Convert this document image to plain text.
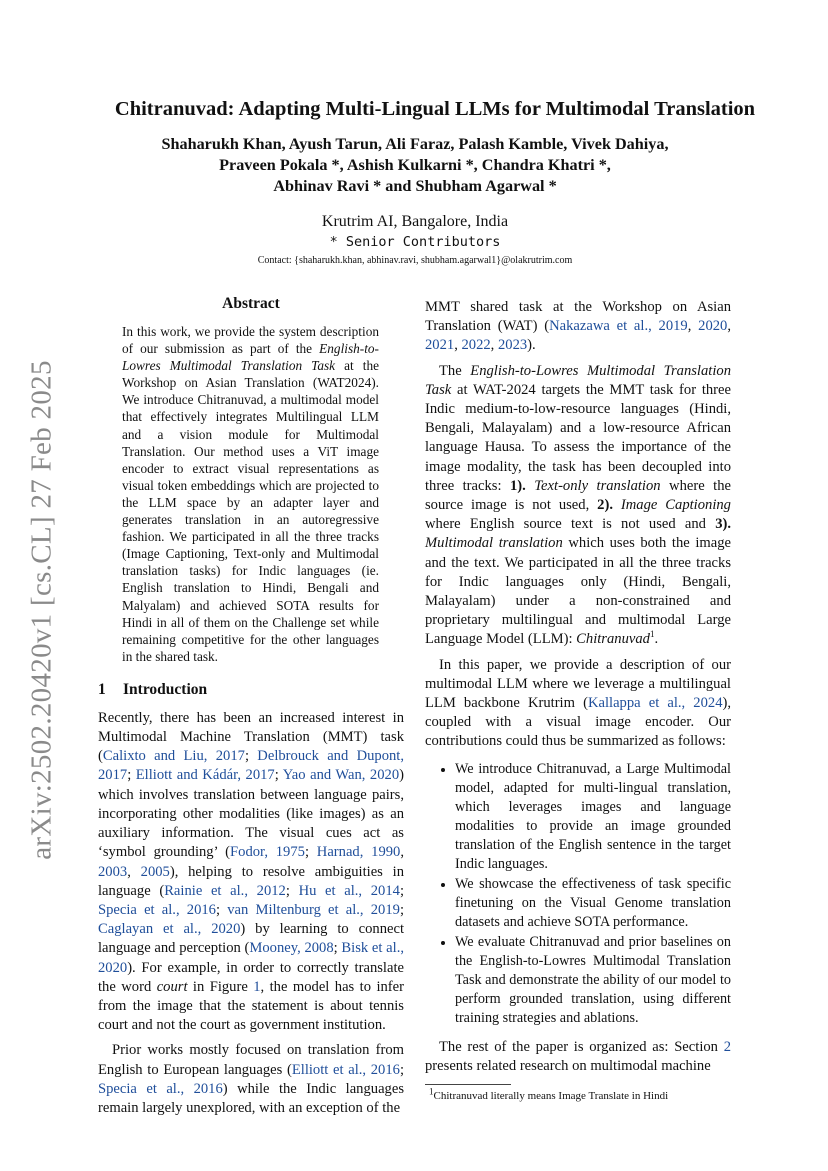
arXiv:2502.20420v1 [cs.CL] 27 Feb 2025
Chitranuvad: Adapting Multi-Lingual LLMs for Multimodal Translation
Shaharukh Khan, Ayush Tarun, Ali Faraz, Palash Kamble, Vivek Dahiya,
Praveen Pokala *, Ashish Kulkarni *, Chandra Khatri *,
Abhinav Ravi * and Shubham Agarwal *
Krutrim AI, Bangalore, India
* Senior Contributors
Contact: {shaharukh.khan, abhinav.ravi, shubham.agarwal1}@olakrutrim.com
Abstract

In this work, we provide the system description of our submission as part of the English-to-Lowres Multimodal Translation Task at the Workshop on Asian Translation (WAT2024). We introduce Chitranuvad, a multimodal model that effectively integrates Multilingual LLM and a vision module for Multimodal Translation. Our method uses a ViT image encoder to extract visual representations as visual token embeddings which are projected to the LLM space by an adapter layer and generates translation in an autoregressive fashion. We participated in all the three tracks (Image Captioning, Text-only and Multimodal translation tasks) for Indic languages (ie. English translation to Hindi, Bengali and Malyalam) and achieved SOTA results for Hindi in all of them on the Challenge set while remaining competitive for the other languages in the shared task.

1 Introduction

Recently, there has been an increased interest in Multimodal Machine Translation (MMT) task (Calixto and Liu, 2017; Delbrouck and Dupont, 2017; Elliott and Kádár, 2017; Yao and Wan, 2020) which involves translation between language pairs, incorporating other modalities (like images) as an auxiliary information. The visual cues act as ‘symbol grounding’ (Fodor, 1975; Harnad, 1990, 2003, 2005), helping to resolve ambiguities in language (Rainie et al., 2012; Hu et al., 2014; Specia et al., 2016; van Miltenburg et al., 2019; Caglayan et al., 2020) by learning to connect language and perception (Mooney, 2008; Bisk et al., 2020). For example, in order to correctly translate the word court in Figure 1, the model has to infer from the image that the statement is about tennis court and not the court as government institution.

Prior works mostly focused on translation from English to European languages (Elliott et al., 2016; Specia et al., 2016) while the Indic languages remain largely unexplored, with an exception of the

MMT shared task at the Workshop on Asian Translation (WAT) (Nakazawa et al., 2019, 2020, 2021, 2022, 2023).

The English-to-Lowres Multimodal Translation Task at WAT-2024 targets the MMT task for three Indic medium-to-low-resource languages (Hindi, Bengali, Malayalam) and a low-resource African language Hausa. To assess the importance of the image modality, the task has been decoupled into three tracks: 1). Text-only translation where the source image is not used, 2). Image Captioning where English source text is not used and 3). Multimodal translation which uses both the image and the text. We participated in all the three tracks for Indic languages only (Hindi, Bengali, Malayalam) under a non-constrained and proprietary multilingual and multimodal Large Language Model (LLM): Chitranuvad$^1$.

In this paper, we provide a description of our multimodal LLM where we leverage a multilingual LLM backbone Krutrim (Kallappa et al., 2024), coupled with a visual image encoder. Our contributions could thus be summarized as follows:

• We introduce Chitranuvad, a Large Multimodal model, adapted for multi-lingual translation, which leverages images and language modalities to provide an image grounded translation of the English sentence in the target Indic languages.
• We showcase the effectiveness of task specific finetuning on the Visual Genome translation datasets and achieve SOTA performance.
• We evaluate Chitranuvad and prior baselines on the English-to-Lowres Multimodal Translation Task and demonstrate the ability of our model to perform grounded translation, using different training strategies and ablations.

The rest of the paper is organized as: Section 2 presents related research on multimodal machine

$^1$Chitranuvad literally means Image Translate in Hindi
